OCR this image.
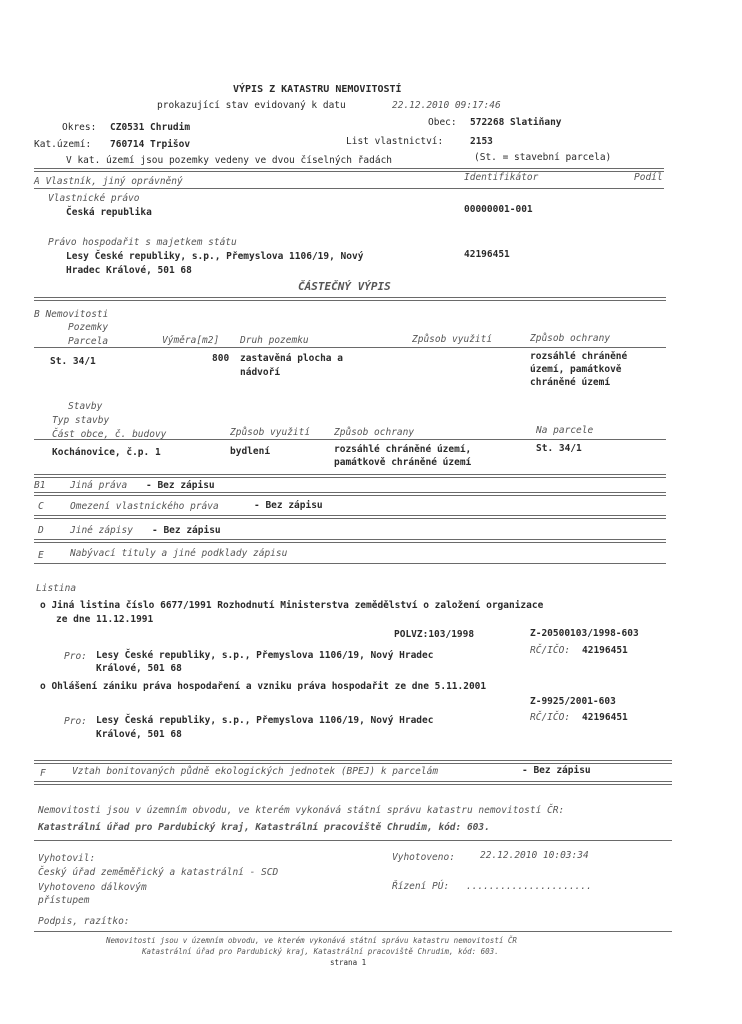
VÝPIS Z KATASTRU NEMOVITOSTÍ
prokazující stav evidovaný k datu	22.12.2010 09:17:46
Okres: CZ0531 Chrudim	Obec: 572268 Slatiňany
Kat.území: 760714 Trpišov	List vlastnictví:	2153
V kat. území jsou pozemky vedeny ve dvou číselných řadách	(St. = stavební parcela)
A Vlastník, jiný oprávněný	Identifikátor	Podíl
Vlastnické právo
Česká republika	00000001-001
Právo hospodařit s majetkem státu
Lesy České republiky, s.p., Přemyslova 1106/19, Nový
Hradec Králové, 501 68
42196451
ČÁSTEČNÝ VÝPIS
B Nemovitosti
Pozemky
Parcela	Výměra[m2] Druh pozemku	Způsob využití	Způsob ochrany
St. 34/1	800 zastavěná plocha a
nádvoří
rozsáhlé chráněné
území, památkově
chráněné území
Stavby
Typ stavby
Část obce, č. budovy	Způsob využití	Způsob ochrany	Na parcele
Kochánovice, č.p. 1	bydlení	rozsáhlé chráněné území,
památkově chráněné území
St. 34/1
B1	Jiná práva - Bez zápisu
C	Omezení vlastnického práva	- Bez zápisu
D	Jiné zápisy - Bez zápisu
E	Nabývací tituly a jiné podklady zápisu
Listina
o Jiná listina číslo 6677/1991 Rozhodnutí Ministerstva zemědělství o založení organizace
ze dne 11.12.1991
POLVZ:103/1998	Z-20500103/1998-603
Pro: Lesy České republiky, s.p., Přemyslova 1106/19, Nový Hradec
Králové, 501 68
RČ/IČO: 42196451
o Ohlášení zániku práva hospodaření a vzniku práva hospodařit ze dne 5.11.2001
Z-9925/2001-603
Pro: Lesy Česká republiky, s.p., Přemyslova 1106/19, Nový Hradec
Králové, 501 68
RČ/IČO: 42196451
F	Vztah bonitovaných půdně ekologických jednotek (BPEJ) k parcelám	- Bez zápisu
Nemovitosti jsou v územním obvodu, ve kterém vykonává státní správu katastru nemovitostí ČR:
Katastrální úřad pro Pardubický kraj, Katastrální pracoviště Chrudim, kód: 603.
Vyhotovil:
Český úřad zeměměřický a katastrální - SCD
Vyhotoveno dálkovým
přístupem
Vyhotoveno:	22.12.2010 10:03:34
Řízení PÚ: ......................
Podpis, razítko:
Nemovitosti jsou v územním obvodu, ve kterém vykonává státní správu katastru nemovitostí ČR
Katastrální úřad pro Pardubický kraj, Katastrální pracoviště Chrudim, kód: 603.
strana 1
